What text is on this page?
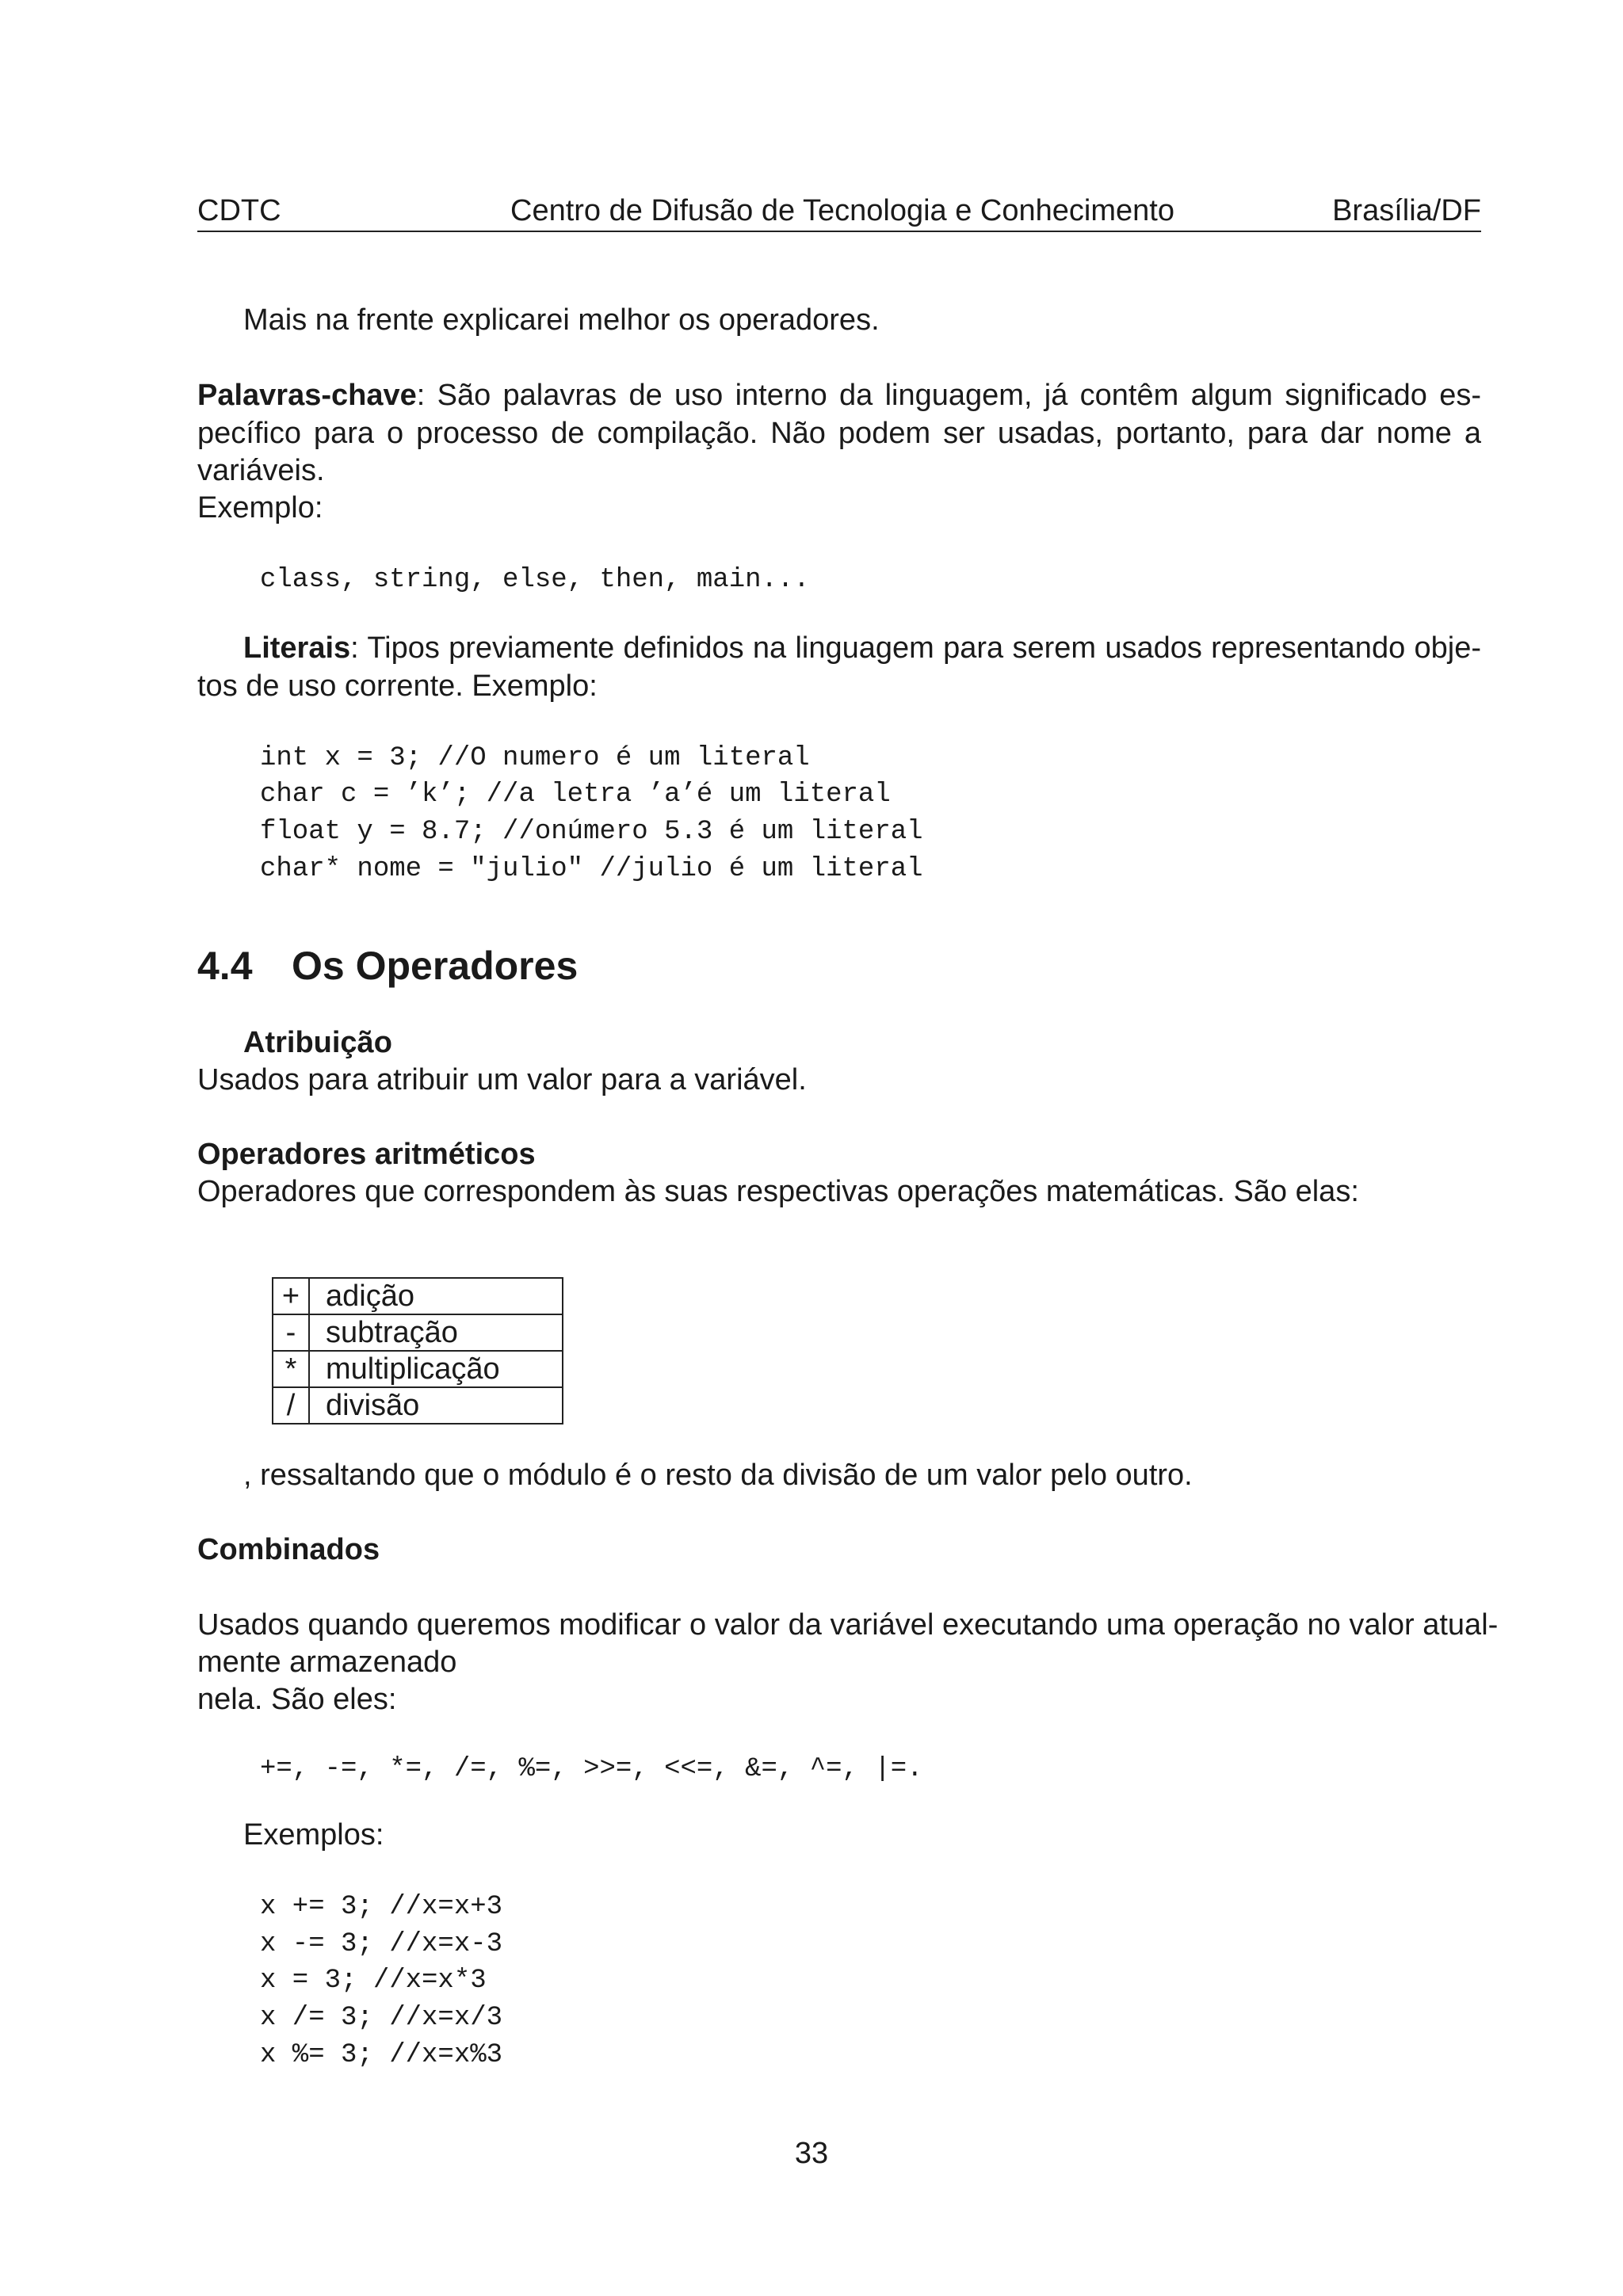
CDTC	Centro de Difusão de Tecnologia e Conhecimento	Brasília/DF
Mais na frente explicarei melhor os operadores.
Palavras-chave: São palavras de uso interno da linguagem, já contêm algum significado es-
pecífico para o processo de compilação. Não podem ser usadas, portanto, para dar nome a
variáveis.
Exemplo:
class, string, else, then, main...
Literais: Tipos previamente definidos na linguagem para serem usados representando obje-
tos de uso corrente. Exemplo:
int x = 3; //O numero é um literal
char c = ’k’; //a letra ’a’é um literal
float y = 8.7; //onúmero 5.3 é um literal
char* nome = "julio" //julio é um literal
4.4 Os Operadores
Atribuição
Usados para atribuir um valor para a variável.
Operadores aritméticos
Operadores que correspondem às suas respectivas operações matemáticas. São elas:
+	adição
-	subtração
*	multiplicação
/	divisão
, ressaltando que o módulo é o resto da divisão de um valor pelo outro.
Combinados
Usados quando queremos modificar o valor da variável executando uma operação no valor atual-
mente armazenado
nela. São eles:
+=, -=, *=, /=, %=, >>=, <<=, &=, ^=, |=.
Exemplos:
x += 3; //x=x+3
x -= 3; //x=x-3
x = 3; //x=x*3
x /= 3; //x=x/3
x %= 3; //x=x%3
33
